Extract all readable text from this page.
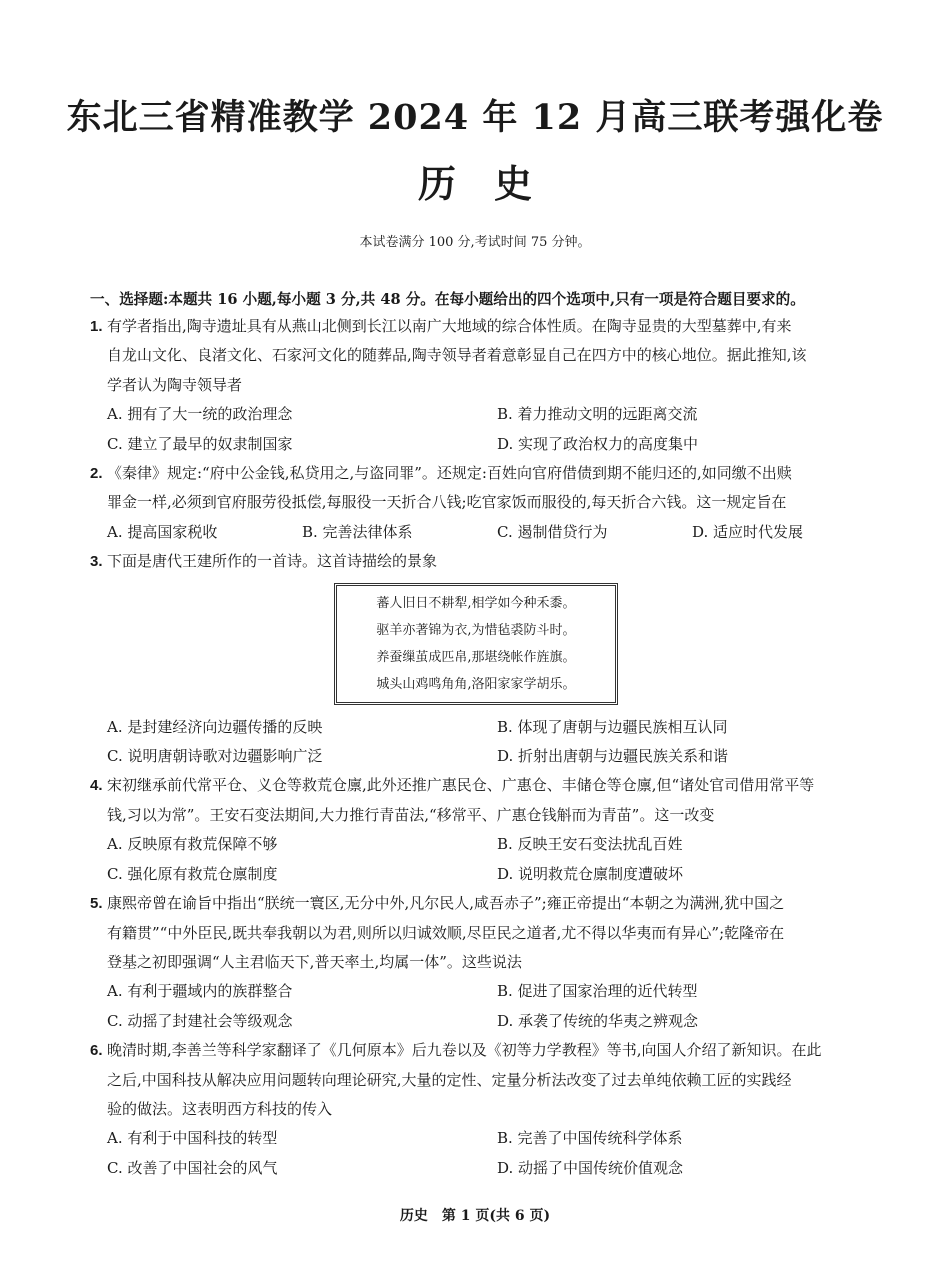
东北三省精准教学 2024 年 12 月高三联考强化卷
历　史
本试卷满分 100 分,考试时间 75 分钟。
一、选择题:本题共 16 小题,每小题 3 分,共 48 分。在每小题给出的四个选项中,只有一项是符合题目要求的。
1. 有学者指出,陶寺遗址具有从燕山北侧到长江以南广大地域的综合体性质。在陶寺显贵的大型墓葬中,有来
自龙山文化、良渚文化、石家河文化的随葬品,陶寺领导者着意彰显自己在四方中的核心地位。据此推知,该
学者认为陶寺领导者
A. 拥有了大一统的政治理念	B. 着力推动文明的远距离交流
C. 建立了最早的奴隶制国家	D. 实现了政治权力的高度集中
2. 《秦律》规定:“府中公金钱,私贷用之,与盗同罪”。还规定:百姓向官府借债到期不能归还的,如同缴不出赎
罪金一样,必须到官府服劳役抵偿,每服役一天折合八钱;吃官家饭而服役的,每天折合六钱。这一规定旨在
A. 提高国家税收	B. 完善法律体系	C. 遏制借贷行为	D. 适应时代发展
3. 下面是唐代王建所作的一首诗。这首诗描绘的景象
蕃人旧日不耕犁,相学如今种禾黍。
驱羊亦著锦为衣,为惜毡裘防斗时。
养蚕缫茧成匹帛,那堪绕帐作旌旗。
城头山鸡鸣角角,洛阳家家学胡乐。
A. 是封建经济向边疆传播的反映	B. 体现了唐朝与边疆民族相互认同
C. 说明唐朝诗歌对边疆影响广泛	D. 折射出唐朝与边疆民族关系和谐
4. 宋初继承前代常平仓、义仓等救荒仓廪,此外还推广惠民仓、广惠仓、丰储仓等仓廪,但“诸处官司借用常平等
钱,习以为常”。王安石变法期间,大力推行青苗法,“移常平、广惠仓钱斛而为青苗”。这一改变
A. 反映原有救荒保障不够	B. 反映王安石变法扰乱百姓
C. 强化原有救荒仓廪制度	D. 说明救荒仓廪制度遭破坏
5. 康熙帝曾在谕旨中指出“朕统一寰区,无分中外,凡尔民人,咸吾赤子”;雍正帝提出“本朝之为满洲,犹中国之
有籍贯”“中外臣民,既共奉我朝以为君,则所以归诚效顺,尽臣民之道者,尤不得以华夷而有异心”;乾隆帝在
登基之初即强调“人主君临天下,普天率土,均属一体”。这些说法
A. 有利于疆域内的族群整合	B. 促进了国家治理的近代转型
C. 动摇了封建社会等级观念	D. 承袭了传统的华夷之辨观念
6. 晚清时期,李善兰等科学家翻译了《几何原本》后九卷以及《初等力学教程》等书,向国人介绍了新知识。在此
之后,中国科技从解决应用问题转向理论研究,大量的定性、定量分析法改变了过去单纯依赖工匠的实践经
验的做法。这表明西方科技的传入
A. 有利于中国科技的转型	B. 完善了中国传统科学体系
C. 改善了中国社会的风气	D. 动摇了中国传统价值观念
历史　第 1 页(共 6 页)
